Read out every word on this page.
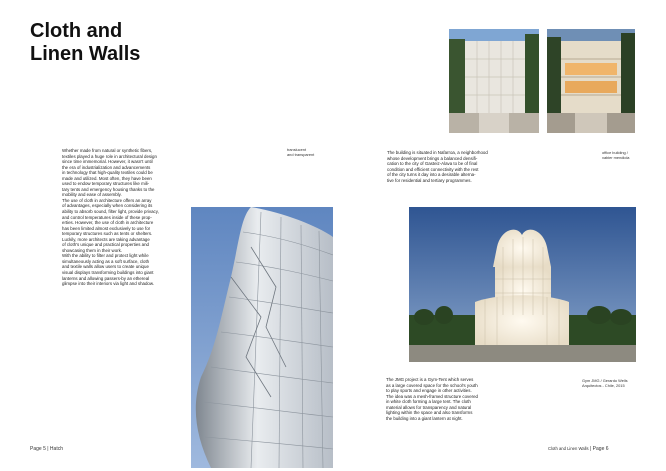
Cloth and
Linen Walls

Whether made from natural or synthetic fibers,
textiles played a huge role in architectural design
since time immemorial. However, it wasn't until
the era of industrialization and advancements
in technology that high-quality textiles could be
made and utilized. Most often, they have been
used to endow temporary structures like mili-
tary tents and emergency housing thanks to the
mobility and ease of assembly.
The use of cloth in architecture offers an array
of advantages, especially when considering its
ability to absorb sound, filter light, provide privacy,
and control temperatures inside of these prop-
erties. However, the use of cloth in architecture
has been limited almost exclusively to use for
temporary structures such as tents or shelters.
Luckily, more architects are taking advantage
of cloth's unique and practical properties and
showcasing them in their work.
With the ability to filter and protect light while
simultaneously acting as a soft surface, cloth
and textile walls allow users to create unique
visual displays transforming buildings into giant
lanterns and allowing passers-by an ethereal
glimpse into their interiors via light and shadow.

translucent
and transparent	The building is situated in Nafarroa, a neighborhood
whose development brings a balanced densifi-
cation to the city of Gasteiz-Alava to be of final
condition and efficient connectivity with the rest
of the city turns it day into a desirable alterna-
tive for residential and tertiary programmes.

office building /
xabier mendiola

The JMG project is a Gym-Tent which serves
as a large covered space for the school's youth
to play sports and engage in other activities.
The idea was a mesh-framed structure covered
in white cloth forming a large tent. The cloth
material allows for transparency and natural
lighting within the space and also transforms
the building into a giant lantern at night.

Gym JMG / Gerardo Wells
Arquitectos - Chile, 2015

Page 5 | Hatch	Cloth and Linen Walls | Page 6
